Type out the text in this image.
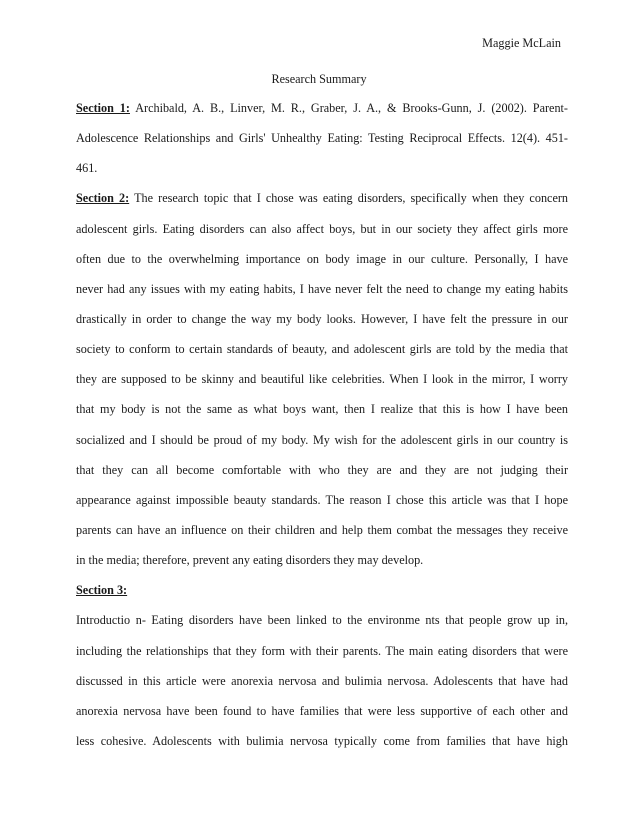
Maggie McLain
Research Summary
Section 1: Archibald, A. B., Linver, M. R., Graber, J. A., & Brooks-Gunn, J. (2002). Parent-
Adolescence Relationships and Girls' Unhealthy Eating: Testing Reciprocal Effects. 12(4). 451-
461.
Section 2: The research topic that I chose was eating disorders, specifically when they concern
adolescent girls. Eating disorders can also affect boys, but in our society they affect girls more
often due to the overwhelming importance on body image in our culture. Personally, I have
never had any issues with my eating habits, I have never felt the need to change my eating habits
drastically in order to change the way my body looks. However, I have felt the pressure in our
society to conform to certain standards of beauty, and adolescent girls are told by the media that
they are supposed to be skinny and beautiful like celebrities. When I look in the mirror, I worry
that my body is not the same as what boys want, then I realize that this is how I have been
socialized and I should be proud of my body. My wish for the adolescent girls in our country is
that they can all become comfortable with who they are and they are not judging their
appearance against impossible beauty standards. The reason I chose this article was that I hope
parents can have an influence on their children and help them combat the messages they receive
in the media; therefore, prevent any eating disorders they may develop.
Section 3:
Introductio n- Eating disorders have been linked to the environme nts that people grow up in,
including the relationships that they form with their parents. The main eating disorders that were
discussed in this article were anorexia nervosa and bulimia nervosa. Adolescents that have had
anorexia nervosa have been found to have families that were less supportive of each other and
less cohesive. Adolescents with bulimia nervosa typically come from families that have high
